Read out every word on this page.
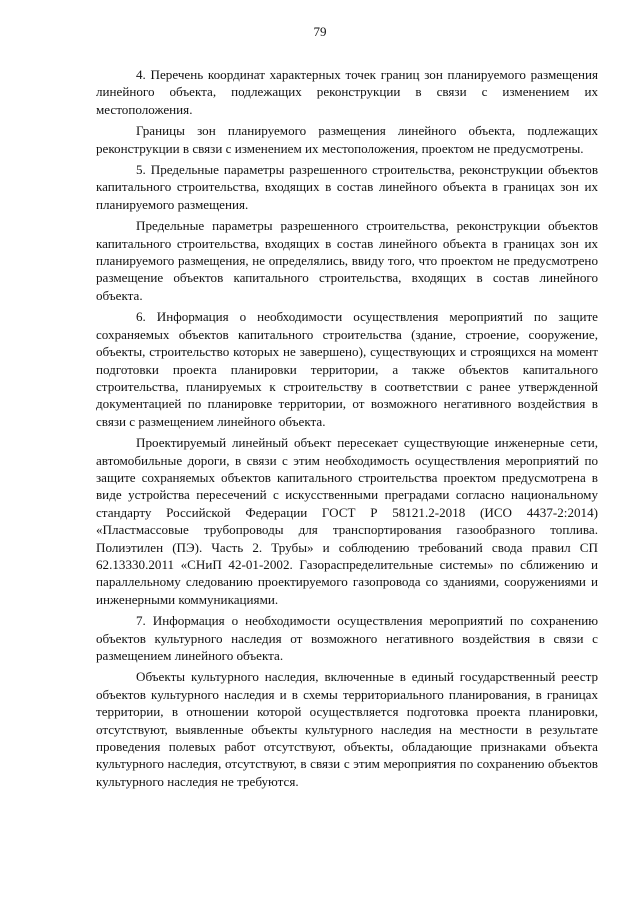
79

4. Перечень координат характерных точек границ зон планируемого размещения линейного объекта, подлежащих реконструкции в связи с изменением их местоположения.

Границы зон планируемого размещения линейного объекта, подлежащих реконструкции в связи с изменением их местоположения, проектом не предусмотрены.

5. Предельные параметры разрешенного строительства, реконструкции объектов капитального строительства, входящих в состав линейного объекта в границах зон их планируемого размещения.

Предельные параметры разрешенного строительства, реконструкции объектов капитального строительства, входящих в состав линейного объекта в границах зон их планируемого размещения, не определялись, ввиду того, что проектом не предусмотрено размещение объектов капитального строительства, входящих в состав линейного объекта.

6. Информация о необходимости осуществления мероприятий по защите сохраняемых объектов капитального строительства (здание, строение, сооружение, объекты, строительство которых не завершено), существующих и строящихся на момент подготовки проекта планировки территории, а также объектов капитального строительства, планируемых к строительству в соответствии с ранее утвержденной документацией по планировке территории, от возможного негативного воздействия в связи с размещением линейного объекта.

Проектируемый линейный объект пересекает существующие инженерные сети, автомобильные дороги, в связи с этим необходимость осуществления мероприятий по защите сохраняемых объектов капитального строительства проектом предусмотрена в виде устройства пересечений с искусственными преградами согласно национальному стандарту Российской Федерации ГОСТ Р 58121.2-2018 (ИСО 4437-2:2014) «Пластмассовые трубопроводы для транспортирования газообразного топлива. Полиэтилен (ПЭ). Часть 2. Трубы» и соблюдению требований свода правил СП 62.13330.2011 «СНиП 42-01-2002. Газораспределительные системы» по сближению и параллельному следованию проектируемого газопровода со зданиями, сооружениями и инженерными коммуникациями.

7. Информация о необходимости осуществления мероприятий по сохранению объектов культурного наследия от возможного негативного воздействия в связи с размещением линейного объекта.

Объекты культурного наследия, включенные в единый государственный реестр объектов культурного наследия и в схемы территориального планирования, в границах территории, в отношении которой осуществляется подготовка проекта планировки, отсутствуют, выявленные объекты культурного наследия на местности в результате проведения полевых работ отсутствуют, объекты, обладающие признаками объекта культурного наследия, отсутствуют, в связи с этим мероприятия по сохранению объектов культурного наследия не требуются.
